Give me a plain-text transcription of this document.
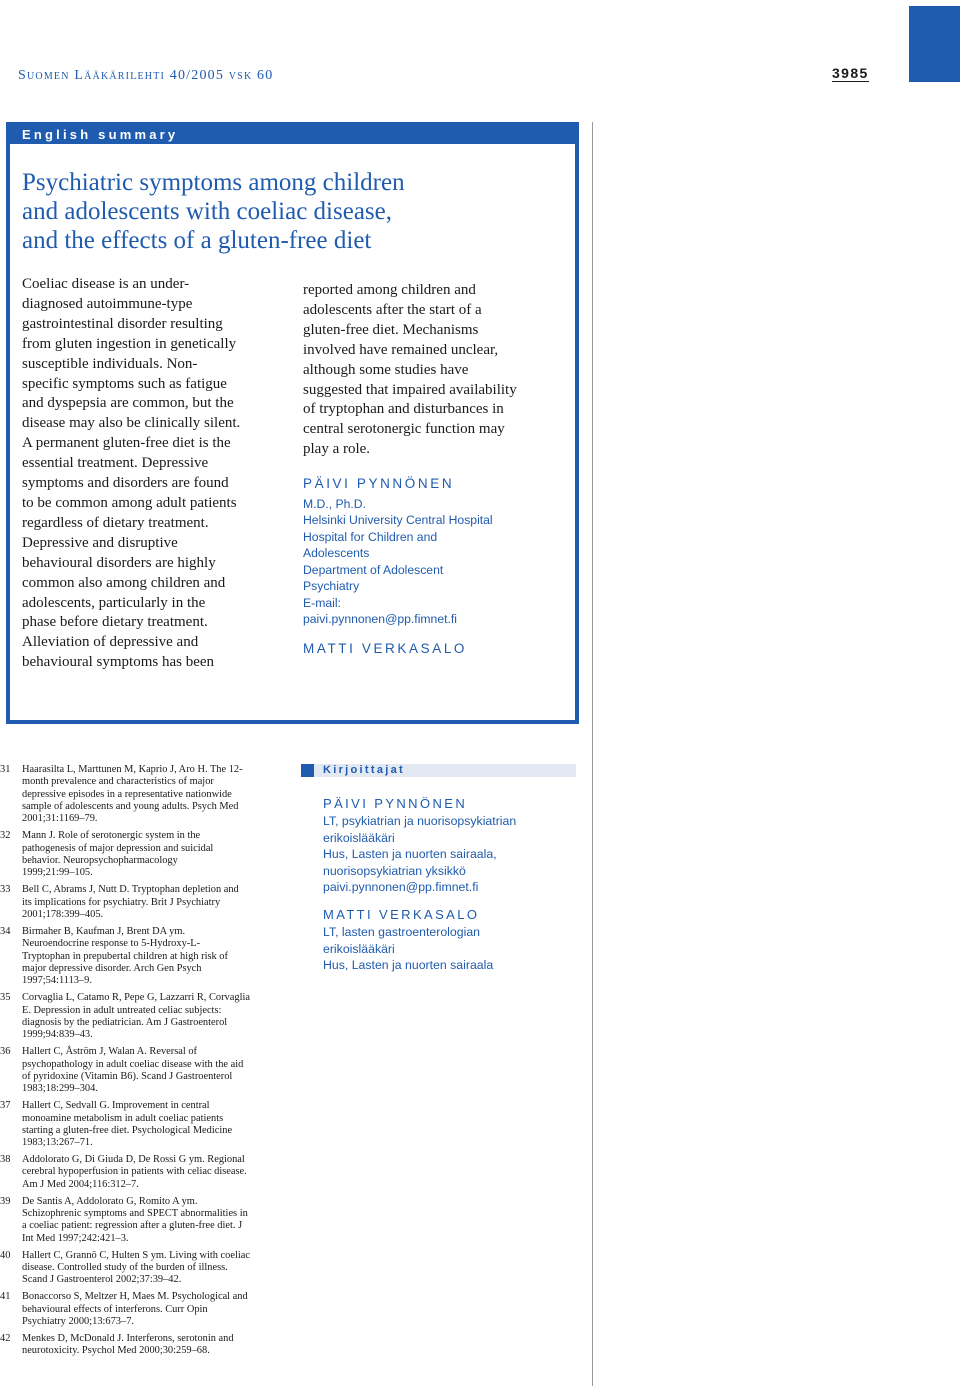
Suomen Lääkärilehti 40/2005 vsk 60	3985
English summary
Psychiatric symptoms among children
and adolescents with coeliac disease,
and the effects of a gluten-free diet

Coeliac disease is an under-

diagnosed autoimmune-type

gastrointestinal disorder resulting

from gluten ingestion in genetically

susceptible individuals. Non-

specific symptoms such as fatigue

and dyspepsia are common, but the

disease may also be clinically silent.

A permanent gluten-free diet is the

essential treatment. Depressive

symptoms and disorders are found

to be common among adult patients

regardless of dietary treatment.

Depressive and disruptive

behavioural disorders are highly

common also among children and

adolescents, particularly in the

phase before dietary treatment.

Alleviation of depressive and

behavioural symptoms has been

reported among children and

adolescents after the start of a

gluten-free diet. Mechanisms

involved have remained unclear,

although some studies have

suggested that impaired availability

of tryptophan and disturbances in

central serotonergic function may

play a role.

PÄIVI PYNNÖNEN
M.D., Ph.D.
Helsinki University Central Hospital
Hospital for Children and
Adolescents
Department of Adolescent
Psychiatry
E-mail:
paivi.pynnonen@pp.fimnet.fi
MATTI VERKASALO
31 Haarasilta L, Marttunen M, Kaprio J, Aro H. The 12-
month prevalence and characteristics of major
depressive episodes in a representative nationwide
sample of adolescents and young adults. Psych Med
2001;31:1169–79.
32 Mann J. Role of serotonergic system in the
pathogenesis of major depression and suicidal
behavior. Neuropsychopharmacology
1999;21:99–105.
33 Bell C, Abrams J, Nutt D. Tryptophan depletion and
its implications for psychiatry. Brit J Psychiatry
2001;178:399–405.
34 Birmaher B, Kaufman J, Brent DA ym.
Neuroendocrine response to 5-Hydroxy-L-
Tryptophan in prepubertal children at high risk of
major depressive disorder. Arch Gen Psych
1997;54:1113–9.
35 Corvaglia L, Catamo R, Pepe G, Lazzarri R, Corvaglia
E. Depression in adult untreated celiac subjects:
diagnosis by the pediatrician. Am J Gastroenterol
1999;94:839–43.
36 Hallert C, Åström J, Walan A. Reversal of
psychopathology in adult coeliac disease with the aid
of pyridoxine (Vitamin B6). Scand J Gastroenterol
1983;18:299–304.
37 Hallert C, Sedvall G. Improvement in central
monoamine metabolism in adult coeliac patients
starting a gluten-free diet. Psychological Medicine
1983;13:267–71.
38 Addolorato G, Di Giuda D, De Rossi G ym. Regional
cerebral hypoperfusion in patients with celiac disease.
Am J Med 2004;116:312–7.
39 De Santis A, Addolorato G, Romito A ym.
Schizophrenic symptoms and SPECT abnormalities in
a coeliac patient: regression after a gluten-free diet. J
Int Med 1997;242:421–3.
40 Hallert C, Grannö C, Hulten S ym. Living with coeliac
disease. Controlled study of the burden of illness.
Scand J Gastroenterol 2002;37:39–42.
41 Bonaccorso S, Meltzer H, Maes M. Psychological and
behavioural effects of interferons. Curr Opin
Psychiatry 2000;13:673–7.
42 Menkes D, McDonald J. Interferons, serotonin and
neurotoxicity. Psychol Med 2000;30:259–68.
Kirjoittajat
PÄIVI PYNNÖNEN
LT, psykiatrian ja nuorisopsykiatrian
erikoislääkäri
Hus, Lasten ja nuorten sairaala,
nuorisopsykiatrian yksikkö
paivi.pynnonen@pp.fimnet.fi
MATTI VERKASALO
LT, lasten gastroenterologian
erikoislääkäri
Hus, Lasten ja nuorten sairaala
